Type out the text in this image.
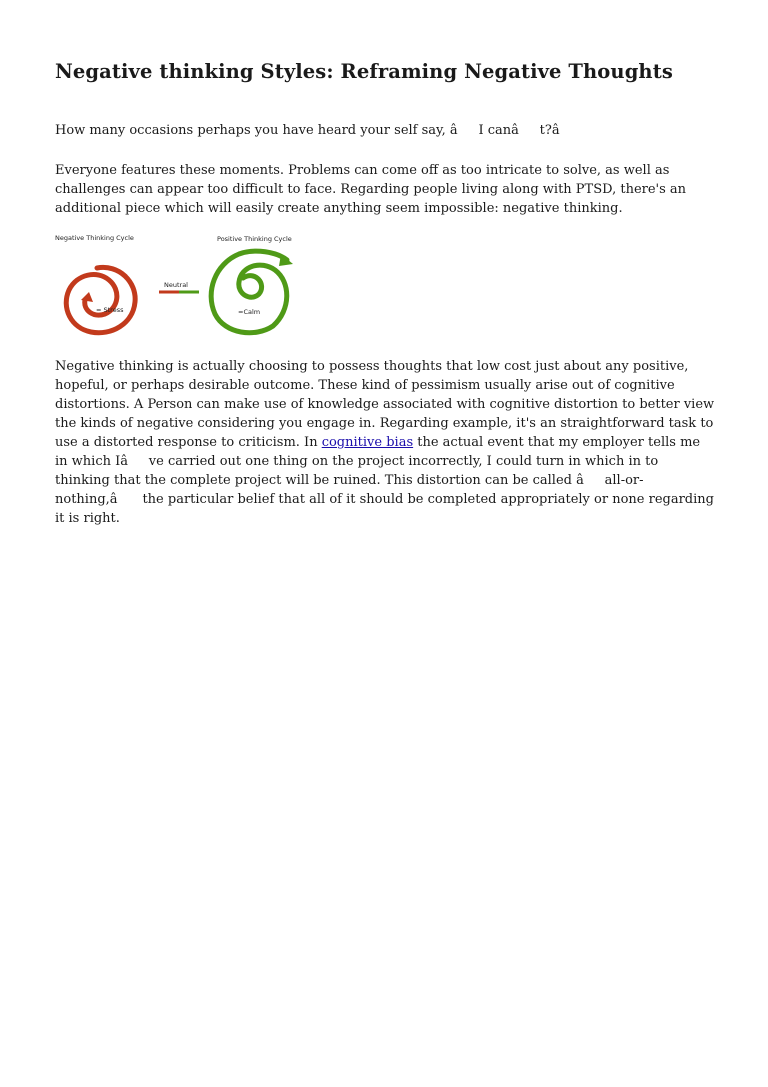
Negative thinking Styles: Reframing Negative Thoughts

How many occasions perhaps you have heard your self say, âI canât?â

Everyone features these moments. Problems can come off as too intricate to solve, as well as challenges can appear too difficult to face. Regarding people living along with PTSD, there's an additional piece which will easily create anything seem impossible: negative thinking.

Negative Thinking Cycle	Positive Thinking Cycle
Neutral
= Stress	=Calm

Negative thinking is actually choosing to possess thoughts that low cost just about any positive, hopeful, or perhaps desirable outcome. These kind of pessimism usually arise out of cognitive distortions. A Person can make use of knowledge associated with cognitive distortion to better view the kinds of negative considering you engage in. Regarding example, it's an straightforward task to use a distorted response to criticism. In cognitive bias the actual event that my employer tells me in which Iâve carried out one thing on the project incorrectly, I could turn in which in to thinking that the complete project will be ruined. This distortion can be called âall-or-nothing,â the particular belief that all of it should be completed appropriately or none regarding it is right.
